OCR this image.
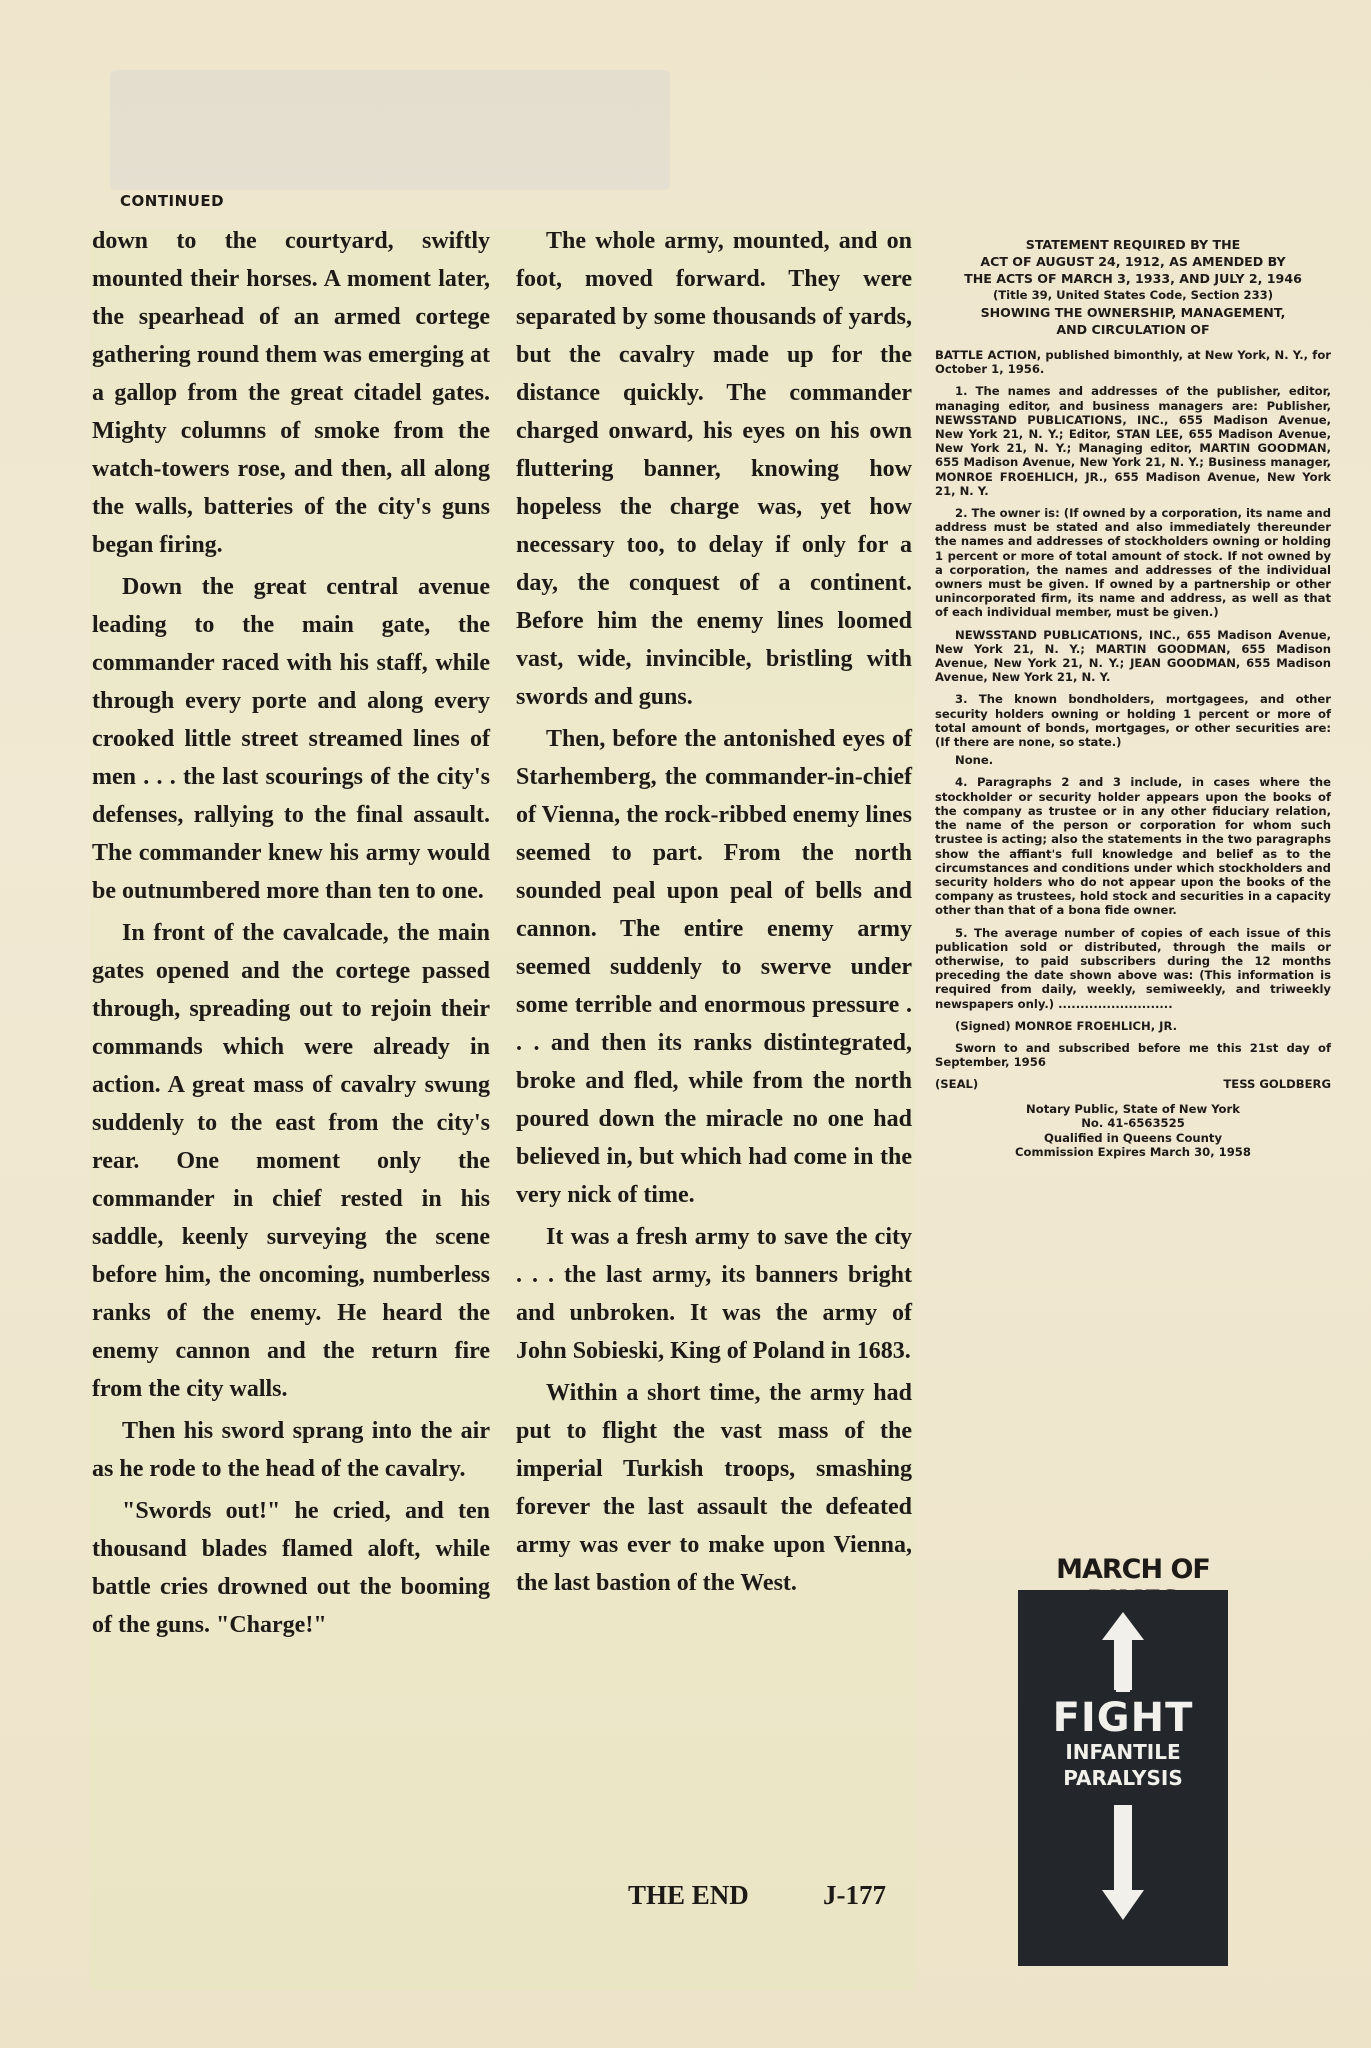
CONTINUED

down to the courtyard, swiftly mounted their horses. A moment later, the spearhead of an armed cortege gathering round them was emerging at a gallop from the great citadel gates. Mighty columns of smoke from the watch-towers rose, and then, all along the walls, batteries of the city's guns began firing.

Down the great central avenue leading to the main gate, the commander raced with his staff, while through every porte and along every crooked little street streamed lines of men . . . the last scourings of the city's defenses, rallying to the final assault. The commander knew his army would be outnumbered more than ten to one.

In front of the cavalcade, the main gates opened and the cortege passed through, spreading out to rejoin their commands which were already in action. A great mass of cavalry swung suddenly to the east from the city's rear. One moment only the commander in chief rested in his saddle, keenly surveying the scene before him, the oncoming, numberless ranks of the enemy. He heard the enemy cannon and the return fire from the city walls.

Then his sword sprang into the air as he rode to the head of the cavalry.

"Swords out!" he cried, and ten thousand blades flamed aloft, while battle cries drowned out the booming of the guns. "Charge!"

The whole army, mounted, and on foot, moved forward. They were separated by some thousands of yards, but the cavalry made up for the distance quickly. The commander charged onward, his eyes on his own fluttering banner, knowing how hopeless the charge was, yet how necessary too, to delay if only for a day, the conquest of a continent. Before him the enemy lines loomed vast, wide, invincible, bristling with swords and guns.

Then, before the antonished eyes of Starhemberg, the commander-in-chief of Vienna, the rock-ribbed enemy lines seemed to part. From the north sounded peal upon peal of bells and cannon. The entire enemy army seemed suddenly to swerve under some terrible and enormous pressure . . . and then its ranks distintegrated, broke and fled, while from the north poured down the miracle no one had believed in, but which had come in the very nick of time.

It was a fresh army to save the city . . . the last army, its banners bright and unbroken. It was the army of John Sobieski, King of Poland in 1683.

Within a short time, the army had put to flight the vast mass of the imperial Turkish troops, smashing forever the last assault the defeated army was ever to make upon Vienna, the last bastion of the West.

THE END	J-177

STATEMENT REQUIRED BY THE

ACT OF AUGUST 24, 1912, AS AMENDED BY

THE ACTS OF MARCH 3, 1933, AND JULY 2, 1946

(Title 39, United States Code, Section 233)

SHOWING THE OWNERSHIP, MANAGEMENT,

AND CIRCULATION OF

BATTLE ACTION, published bimonthly, at New York, N. Y., for October 1, 1956.

1. The names and addresses of the publisher, editor, managing editor, and business managers are: Publisher, NEWSSTAND PUBLICATIONS, INC., 655 Madison Avenue, New York 21, N. Y.; Editor, STAN LEE, 655 Madison Avenue, New York 21, N. Y.; Managing editor, MARTIN GOODMAN, 655 Madison Avenue, New York 21, N. Y.; Business manager, MONROE FROEHLICH, JR., 655 Madison Avenue, New York 21, N. Y.

2. The owner is: (If owned by a corporation, its name and address must be stated and also immediately thereunder the names and addresses of stockholders owning or holding 1 percent or more of total amount of stock. If not owned by a corporation, the names and addresses of the individual owners must be given. If owned by a partnership or other unincorporated firm, its name and address, as well as that of each individual member, must be given.)

NEWSSTAND PUBLICATIONS, INC., 655 Madison Avenue, New York 21, N. Y.; MARTIN GOODMAN, 655 Madison Avenue, New York 21, N. Y.; JEAN GOODMAN, 655 Madison Avenue, New York 21, N. Y.

3. The known bondholders, mortgagees, and other security holders owning or holding 1 percent or more of total amount of bonds, mortgages, or other securities are: (If there are none, so state.)

None.

4. Paragraphs 2 and 3 include, in cases where the stockholder or security holder appears upon the books of the company as trustee or in any other fiduciary relation, the name of the person or corporation for whom such trustee is acting; also the statements in the two paragraphs show the affiant's full knowledge and belief as to the circumstances and conditions under which stockholders and security holders who do not appear upon the books of the company as trustees, hold stock and securities in a capacity other than that of a bona fide owner.

5. The average number of copies of each issue of this publication sold or distributed, through the mails or otherwise, to paid subscribers during the 12 months preceding the date shown above was: (This information is required from daily, weekly, semiweekly, and triweekly newspapers only.) ..........................

(Signed) MONROE FROEHLICH, JR.

Sworn to and subscribed before me this 21st day of September, 1956

(SEAL)	TESS GOLDBERG

Notary Public, State of New York

No. 41-6563525

Qualified in Queens County

Commission Expires March 30, 1958

MARCH OF
FIGHT
INFANTILE
PARALYSIS
